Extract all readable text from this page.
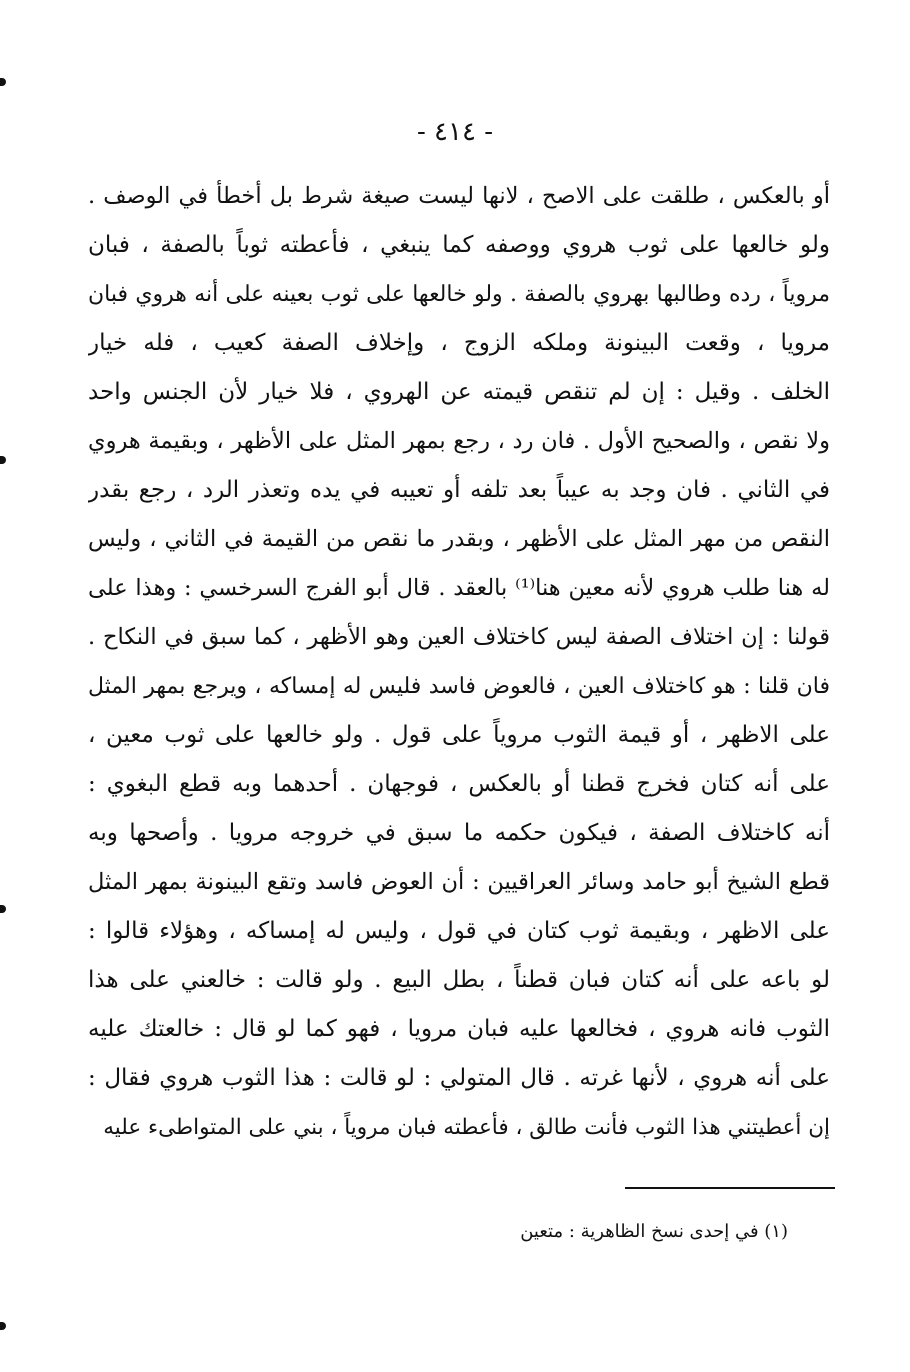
- ٤١٤ -
أو بالعكس ، طلقت على الاصح ، لانها ليست صيغة شرط بل أخطأ في الوصف .
ولو خالعها على ثوب هروي ووصفه كما ينبغي ، فأعطته ثوباً بالصفة ، فبان
مروياً ، رده وطالبها بهروي بالصفة . ولو خالعها على ثوب بعينه على أنه هروي فبان
مرويا ، وقعت البينونة وملكه الزوج ، وإخلاف الصفة كعيب ، فله خيار
الخلف . وقيل : إن لم تنقص قيمته عن الهروي ، فلا خيار لأن الجنس واحد
ولا نقص ، والصحيح الأول . فان رد ، رجع بمهر المثل على الأظهر ، وبقيمة هروي
في الثاني . فان وجد به عيباً بعد تلفه أو تعيبه في يده وتعذر الرد ، رجع بقدر
النقص من مهر المثل على الأظهر ، وبقدر ما نقص من القيمة في الثاني ، وليس
له هنا طلب هروي لأنه معين هنا⁽¹⁾ بالعقد . قال أبو الفرج السرخسي : وهذا على
قولنا : إن اختلاف الصفة ليس كاختلاف العين وهو الأظهر ، كما سبق في النكاح .
فان قلنا : هو كاختلاف العين ، فالعوض فاسد فليس له إمساكه ، ويرجع بمهر المثل
على الاظهر ، أو قيمة الثوب مروياً على قول . ولو خالعها على ثوب معين ،
على أنه كتان فخرج قطنا أو بالعكس ، فوجهان . أحدهما وبه قطع البغوي :
أنه كاختلاف الصفة ، فيكون حكمه ما سبق في خروجه مرويا . وأصحها وبه
قطع الشيخ أبو حامد وسائر العراقيين : أن العوض فاسد وتقع البينونة بمهر المثل
على الاظهر ، وبقيمة ثوب كتان في قول ، وليس له إمساكه ، وهؤلاء قالوا :
لو باعه على أنه كتان فبان قطناً ، بطل البيع . ولو قالت : خالعني على هذا
الثوب فانه هروي ، فخالعها عليه فبان مرويا ، فهو كما لو قال : خالعتك عليه
على أنه هروي ، لأنها غرته . قال المتولي : لو قالت : هذا الثوب هروي فقال :
إن أعطيتني هذا الثوب فأنت طالق ، فأعطته فبان مروياً ، بني على المتواطىء عليه
(١) في إحدى نسخ الظاهرية : متعين
